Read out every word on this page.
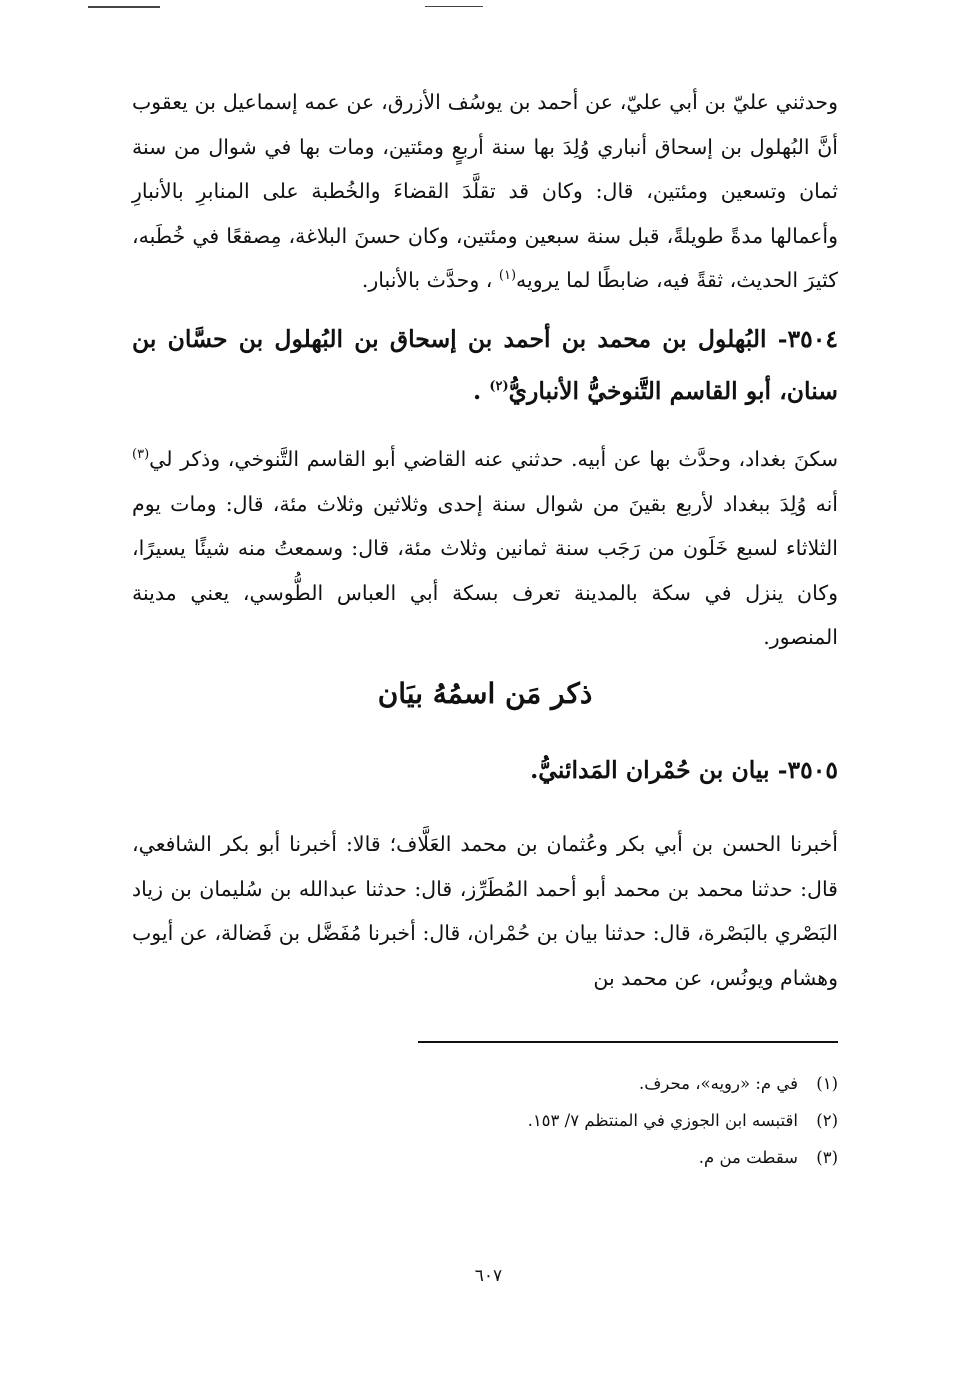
وحدثني عليّ بن أبي عليّ، عن أحمد بن يوسُف الأزرق، عن عمه إسماعيل بن يعقوب أنَّ البُهلول بن إسحاق أنباري وُلِدَ بها سنة أربعٍ ومئتين، ومات بها في شوال من سنة ثمان وتسعين ومئتين، قال: وكان قد تقلَّدَ القضاءَ والخُطبة على المنابرِ بالأنبارِ وأعمالها مدةً طويلةً، قبل سنة سبعين ومئتين، وكان حسنَ البلاغة، مِصقعًا في خُطَبه، كثيرَ الحديث، ثقةً فيه، ضابطًا لما يرويه$^{(١)}$ ، وحدَّث بالأنبار.

٣٥٠٤- البُهلول بن محمد بن أحمد بن إسحاق بن البُهلول بن حسَّان بن سنان، أبو القاسم التَّنوخيُّ الأنباريُّ$^{(٢)}$ .

سكنَ بغداد، وحدَّث بها عن أبيه. حدثني عنه القاضي أبو القاسم التَّنوخي، وذكر لي$^{(٣)}$ أنه وُلِدَ ببغداد لأربع بقينَ من شوال سنة إحدى وثلاثين وثلاث مئة، قال: ومات يوم الثلاثاء لسبع خَلَون من رَجَب سنة ثمانين وثلاث مئة، قال: وسمعتُ منه شيئًا يسيرًا، وكان ينزل في سكة بالمدينة تعرف بسكة أبي العباس الطُّوسي، يعني مدينة المنصور.

ذكر مَن اسمُهُ بيَان

٣٥٠٥- بيان بن حُمْران المَدائنيُّ.

أخبرنا الحسن بن أبي بكر وعُثمان بن محمد العَلَّاف؛ قالا: أخبرنا أبو بكر الشافعي، قال: حدثنا محمد بن محمد أبو أحمد المُطَرِّز، قال: حدثنا عبدالله بن سُليمان بن زياد البَصْري بالبَصْرة، قال: حدثنا بيان بن حُمْران، قال: أخبرنا مُفَضَّل بن فَضالة، عن أيوب وهشام ويونُس، عن محمد بن

(١)في م: «رويه»، محرف.
(٢)اقتبسه ابن الجوزي في المنتظم ٧/ ١٥٣.
(٣)سقطت من م.
٦٠٧
